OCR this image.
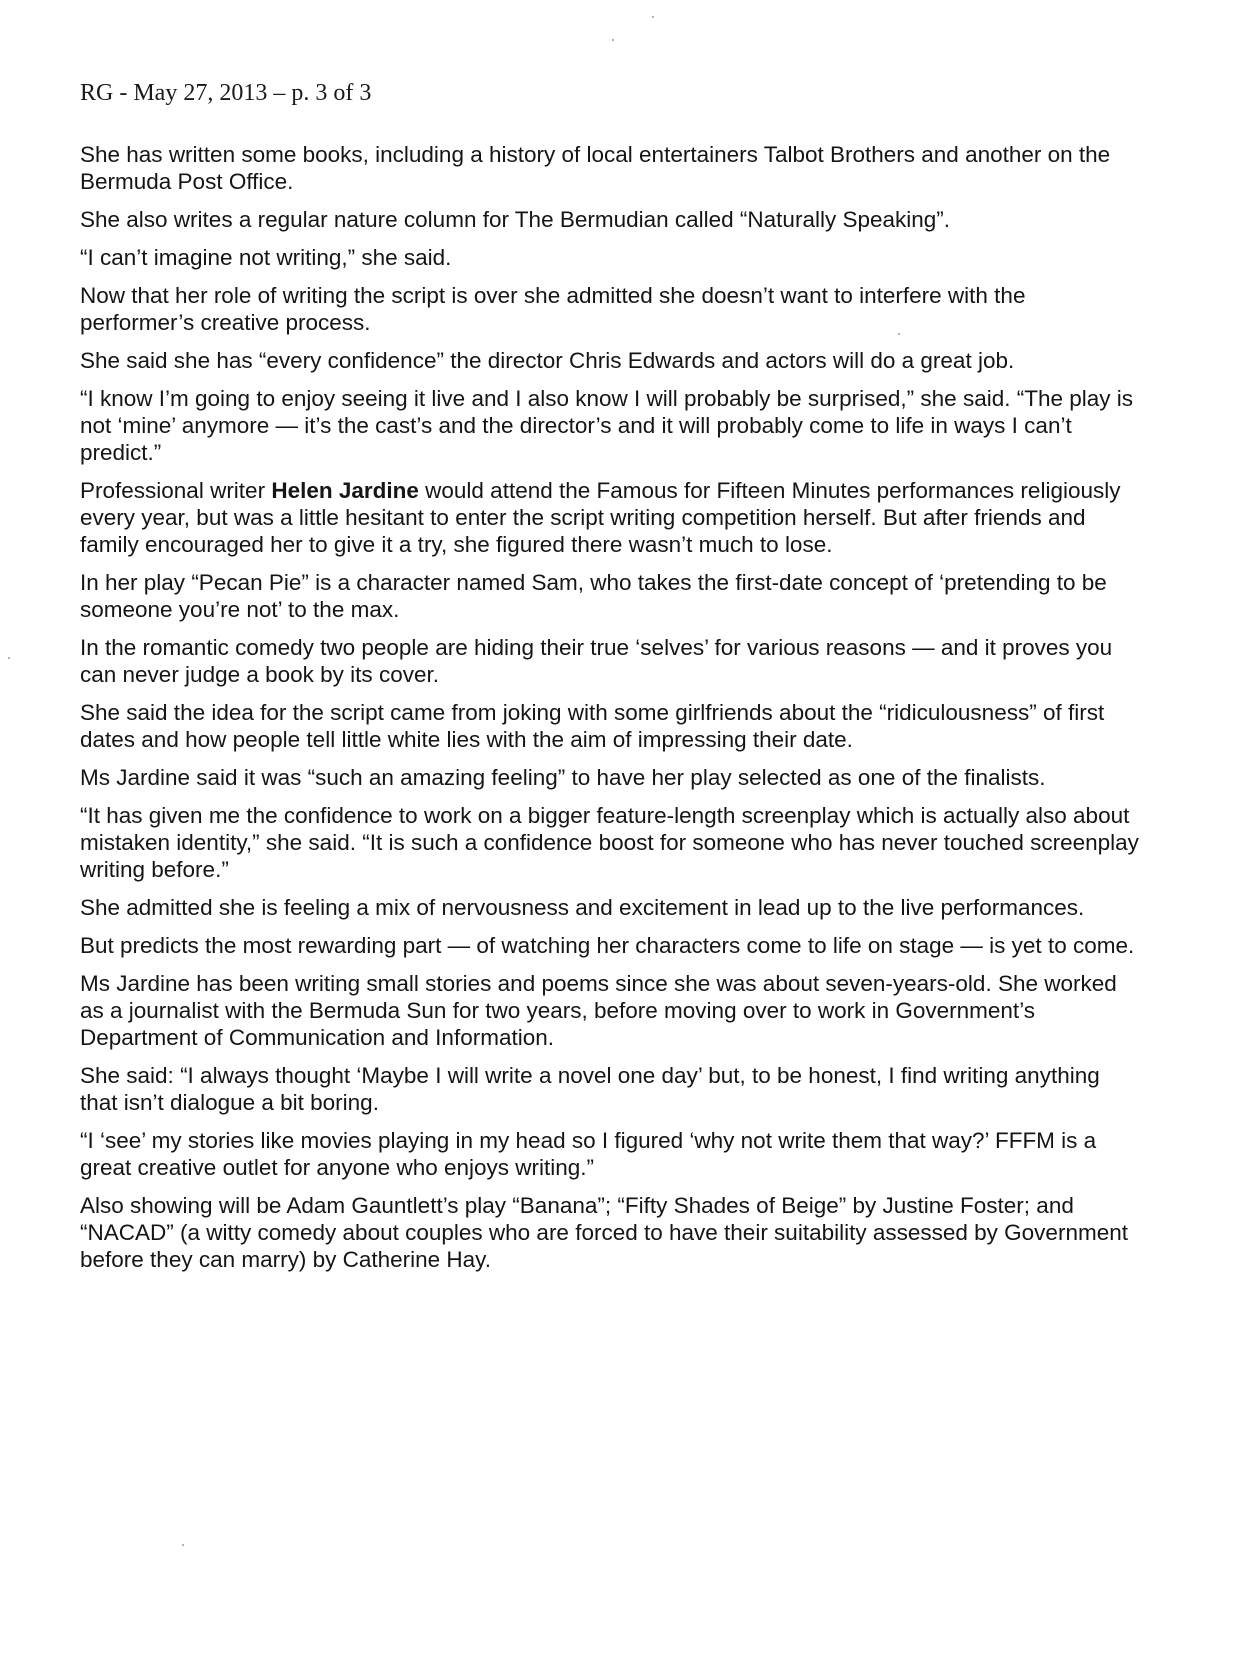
RG - May 27, 2013 – p. 3 of 3

She has written some books, including a history of local entertainers Talbot Brothers and another on the Bermuda Post Office.

She also writes a regular nature column for The Bermudian called “Naturally Speaking”.

“I can’t imagine not writing,” she said.

Now that her role of writing the script is over she admitted she doesn’t want to interfere with the performer’s creative process.

She said she has “every confidence” the director Chris Edwards and actors will do a great job.

“I know I’m going to enjoy seeing it live and I also know I will probably be surprised,” she said. “The play is not ‘mine’ anymore — it’s the cast’s and the director’s and it will probably come to life in ways I can’t predict.”

Professional writer Helen Jardine would attend the Famous for Fifteen Minutes performances religiously every year, but was a little hesitant to enter the script writing competition herself. But after friends and family encouraged her to give it a try, she figured there wasn’t much to lose.

In her play “Pecan Pie” is a character named Sam, who takes the first-date concept of ‘pretending to be someone you’re not’ to the max.

In the romantic comedy two people are hiding their true ‘selves’ for various reasons — and it proves you can never judge a book by its cover.

She said the idea for the script came from joking with some girlfriends about the “ridiculousness” of first dates and how people tell little white lies with the aim of impressing their date.

Ms Jardine said it was “such an amazing feeling” to have her play selected as one of the finalists.

“It has given me the confidence to work on a bigger feature-length screenplay which is actually also about mistaken identity,” she said. “It is such a confidence boost for someone who has never touched screenplay writing before.”

She admitted she is feeling a mix of nervousness and excitement in lead up to the live performances.

But predicts the most rewarding part — of watching her characters come to life on stage — is yet to come.

Ms Jardine has been writing small stories and poems since she was about seven-years-old. She worked as a journalist with the Bermuda Sun for two years, before moving over to work in Government’s Department of Communication and Information.

She said: “I always thought ‘Maybe I will write a novel one day’ but, to be honest, I find writing anything that isn’t dialogue a bit boring.

“I ‘see’ my stories like movies playing in my head so I figured ‘why not write them that way?’ FFFM is a great creative outlet for anyone who enjoys writing.”

Also showing will be Adam Gauntlett’s play “Banana”; “Fifty Shades of Beige” by Justine Foster; and “NACAD” (a witty comedy about couples who are forced to have their suitability assessed by Government before they can marry) by Catherine Hay.
